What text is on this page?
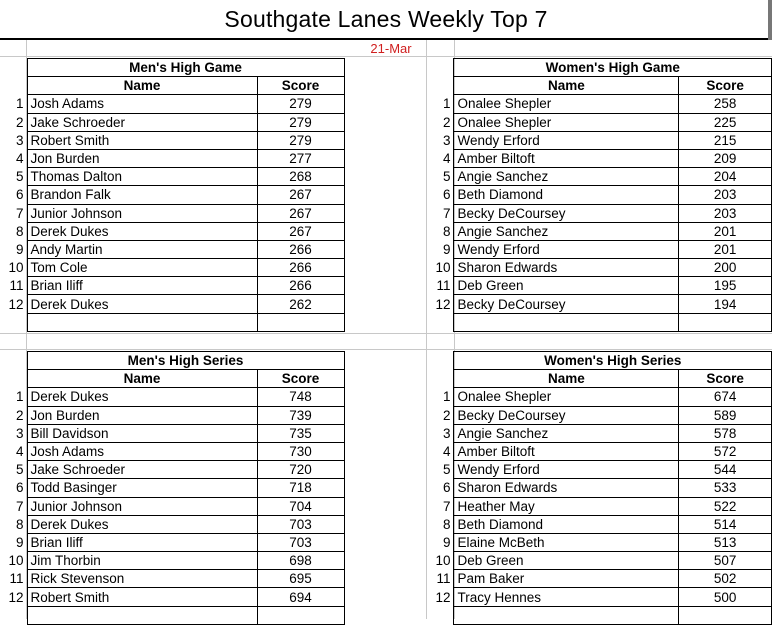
Southgate Lanes Weekly Top 7
21-Mar
	Men's High Game	
	Name	Score
1	Josh Adams	279
2	Jake Schroeder	279
3	Robert Smith	279
4	Jon Burden	277
5	Thomas Dalton	268
6	Brandon Falk	267
7	Junior Johnson	267
8	Derek Dukes	267
9	Andy Martin	266
10	Tom Cole	266
11	Brian Iliff	266
12	Derek Dukes	262

	Women's High Game	
	Name	Score
1	Onalee Shepler	258
2	Onalee Shepler	225
3	Wendy Erford	215
4	Amber Biltoft	209
5	Angie Sanchez	204
6	Beth Diamond	203
7	Becky DeCoursey	203
8	Angie Sanchez	201
9	Wendy Erford	201
10	Sharon Edwards	200
11	Deb Green	195
12	Becky DeCoursey	194

	Men's High Series	
	Name	Score
1	Derek Dukes	748
2	Jon Burden	739
3	Bill Davidson	735
4	Josh Adams	730
5	Jake Schroeder	720
6	Todd Basinger	718
7	Junior Johnson	704
8	Derek Dukes	703
9	Brian Iliff	703
10	Jim Thorbin	698
11	Rick Stevenson	695
12	Robert Smith	694

	Women's High Series	
	Name	Score
1	Onalee Shepler	674
2	Becky DeCoursey	589
3	Angie Sanchez	578
4	Amber Biltoft	572
5	Wendy Erford	544
6	Sharon Edwards	533
7	Heather May	522
8	Beth Diamond	514
9	Elaine McBeth	513
10	Deb Green	507
11	Pam Baker	502
12	Tracy Hennes	500
